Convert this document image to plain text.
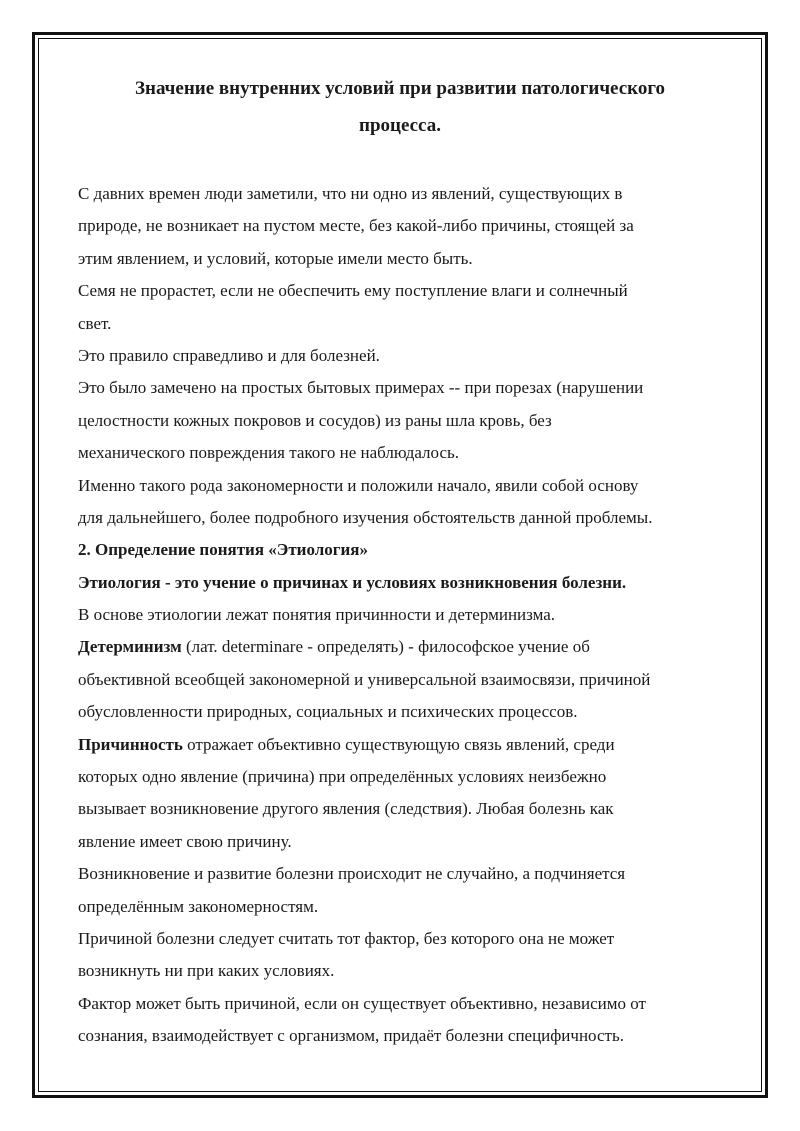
Значение внутренних условий при развитии патологического
процесса.
С давних времен люди заметили, что ни одно из явлений, существующих в
природе, не возникает на пустом месте, без какой-либо причины, стоящей за
этим явлением, и условий, которые имели место быть.
Семя не прорастет, если не обеспечить ему поступление влаги и солнечный
свет.
Это правило справедливо и для болезней.
Это было замечено на простых бытовых примерах -- при порезах (нарушении
целостности кожных покровов и сосудов) из раны шла кровь, без
механического повреждения такого не наблюдалось.
Именно такого рода закономерности и положили начало, явили собой основу
для дальнейшего, более подробного изучения обстоятельств данной проблемы.
2. Определение понятия «Этиология»
Этиология - это учение о причинах и условиях возникновения болезни.
В основе этиологии лежат понятия причинности и детерминизма.
Детерминизм (лат. determinare - определять) - философское учение об
объективной всеобщей закономерной и универсальной взаимосвязи, причиной
обусловленности природных, социальных и психических процессов.
Причинность отражает объективно существующую связь явлений, среди
которых одно явление (причина) при определённых условиях неизбежно
вызывает возникновение другого явления (следствия). Любая болезнь как
явление имеет свою причину.
Возникновение и развитие болезни происходит не случайно, а подчиняется
определённым закономерностям.
Причиной болезни следует считать тот фактор, без которого она не может
возникнуть ни при каких условиях.
Фактор может быть причиной, если он существует объективно, независимо от
сознания, взаимодействует с организмом, придаёт болезни специфичность.
